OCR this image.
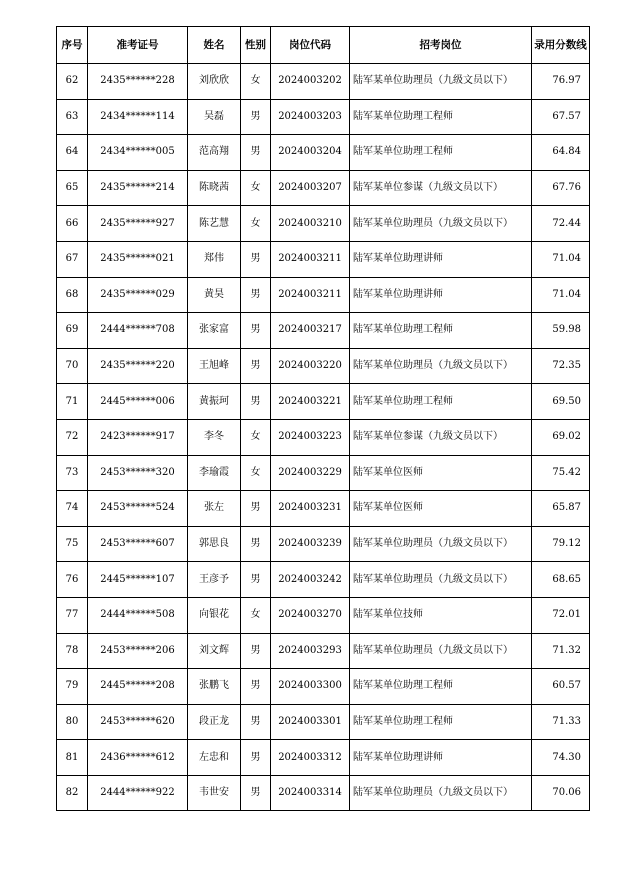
序号	准考证号	姓名	性别	岗位代码	招考岗位	录用分数线
62	2435******228	刘欣欣	女	2024003202	陆军某单位助理员（九级文员以下）	76.97
63	2434******114	吴磊	男	2024003203	陆军某单位助理工程师	67.57
64	2434******005	范高翔	男	2024003204	陆军某单位助理工程师	64.84
65	2435******214	陈晓茜	女	2024003207	陆军某单位参谋（九级文员以下）	67.76
66	2435******927	陈艺慧	女	2024003210	陆军某单位助理员（九级文员以下）	72.44
67	2435******021	郑伟	男	2024003211	陆军某单位助理讲师	71.04
68	2435******029	黄昊	男	2024003211	陆军某单位助理讲师	71.04
69	2444******708	张家富	男	2024003217	陆军某单位助理工程师	59.98
70	2435******220	王旭峰	男	2024003220	陆军某单位助理员（九级文员以下）	72.35
71	2445******006	黄振珂	男	2024003221	陆军某单位助理工程师	69.50
72	2423******917	李冬	女	2024003223	陆军某单位参谋（九级文员以下）	69.02
73	2453******320	李瑜霞	女	2024003229	陆军某单位医师	75.42
74	2453******524	张左	男	2024003231	陆军某单位医师	65.87
75	2453******607	郭思良	男	2024003239	陆军某单位助理员（九级文员以下）	79.12
76	2445******107	王彦予	男	2024003242	陆军某单位助理员（九级文员以下）	68.65
77	2444******508	向银花	女	2024003270	陆军某单位技师	72.01
78	2453******206	刘文辉	男	2024003293	陆军某单位助理员（九级文员以下）	71.32
79	2445******208	张鹏飞	男	2024003300	陆军某单位助理工程师	60.57
80	2453******620	段正龙	男	2024003301	陆军某单位助理工程师	71.33
81	2436******612	左忠和	男	2024003312	陆军某单位助理讲师	74.30
82	2444******922	韦世安	男	2024003314	陆军某单位助理员（九级文员以下）	70.06
